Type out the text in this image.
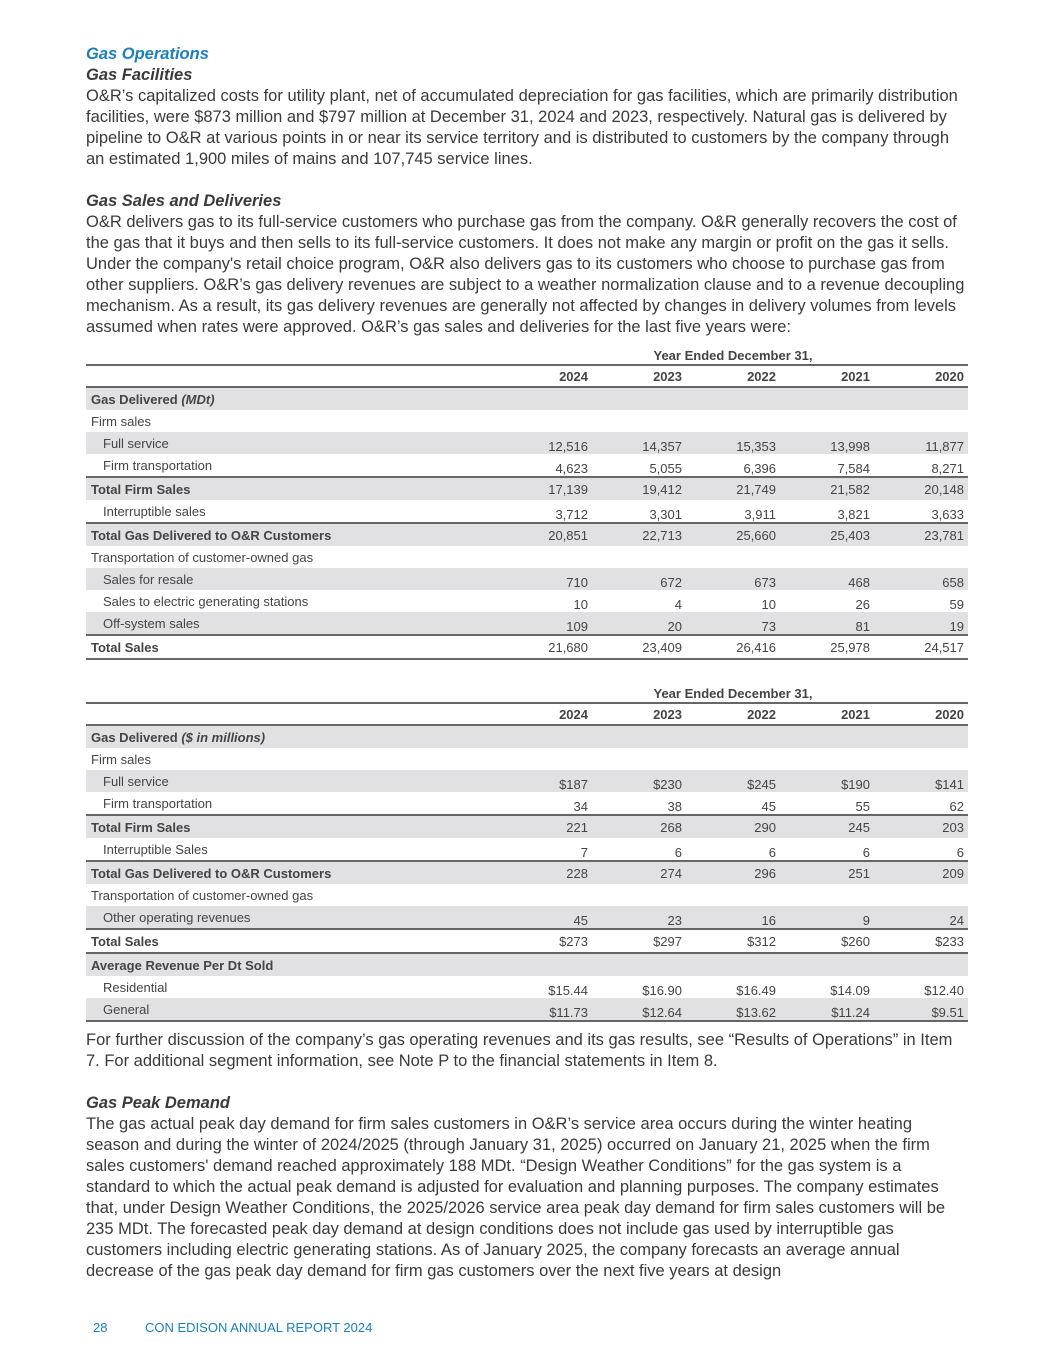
Gas Operations
Gas Facilities

O&R’s capitalized costs for utility plant, net of accumulated depreciation for gas facilities, which are primarily distribution facilities, were $873 million and $797 million at December 31, 2024 and 2023, respectively. Natural gas is delivered by pipeline to O&R at various points in or near its service territory and is distributed to customers by the company through an estimated 1,900 miles of mains and 107,745 service lines.

Gas Sales and Deliveries

O&R delivers gas to its full-service customers who purchase gas from the company. O&R generally recovers the cost of the gas that it buys and then sells to its full-service customers. It does not make any margin or profit on the gas it sells. Under the company's retail choice program, O&R also delivers gas to its customers who choose to purchase gas from other suppliers. O&R’s gas delivery revenues are subject to a weather normalization clause and to a revenue decoupling mechanism. As a result, its gas delivery revenues are generally not affected by changes in delivery volumes from levels assumed when rates were approved. O&R’s gas sales and deliveries for the last five years were:

	Year Ended December 31,				
	2024	2023	2022	2021	2020
Gas Delivered (MDt)					
Firm sales					
Full service	12,516	14,357	15,353	13,998	11,877
Firm transportation	4,623	5,055	6,396	7,584	8,271
Total Firm Sales	17,139	19,412	21,749	21,582	20,148
Interruptible sales	3,712	3,301	3,911	3,821	3,633
Total Gas Delivered to O&R Customers	20,851	22,713	25,660	25,403	23,781
Transportation of customer-owned gas					
Sales for resale	710	672	673	468	658
Sales to electric generating stations	10	4	10	26	59
Off-system sales	109	20	73	81	19
Total Sales	21,680	23,409	26,416	25,978	24,517
	Year Ended December 31,				
	2024	2023	2022	2021	2020
Gas Delivered ($ in millions)					
Firm sales					
Full service	$187	$230	$245	$190	$141
Firm transportation	34	38	45	55	62
Total Firm Sales	221	268	290	245	203
Interruptible Sales	7	6	6	6	6
Total Gas Delivered to O&R Customers	228	274	296	251	209
Transportation of customer-owned gas					
Other operating revenues	45	23	16	9	24
Total Sales	$273	$297	$312	$260	$233
Average Revenue Per Dt Sold					
Residential	$15.44	$16.90	$16.49	$14.09	$12.40
General	$11.73	$12.64	$13.62	$11.24	$9.51

For further discussion of the company’s gas operating revenues and its gas results, see “Results of Operations” in Item 7. For additional segment information, see Note P to the financial statements in Item 8.

Gas Peak Demand

The gas actual peak day demand for firm sales customers in O&R’s service area occurs during the winter heating season and during the winter of 2024/2025 (through January 31, 2025) occurred on January 21, 2025 when the firm sales customers' demand reached approximately 188 MDt. “Design Weather Conditions” for the gas system is a standard to which the actual peak demand is adjusted for evaluation and planning purposes. The company estimates that, under Design Weather Conditions, the 2025/2026 service area peak day demand for firm sales customers will be 235 MDt. The forecasted peak day demand at design conditions does not include gas used by interruptible gas customers including electric generating stations. As of January 2025, the company forecasts an average annual decrease of the gas peak day demand for firm gas customers over the next five years at design

28	CON EDISON ANNUAL REPORT 2024
